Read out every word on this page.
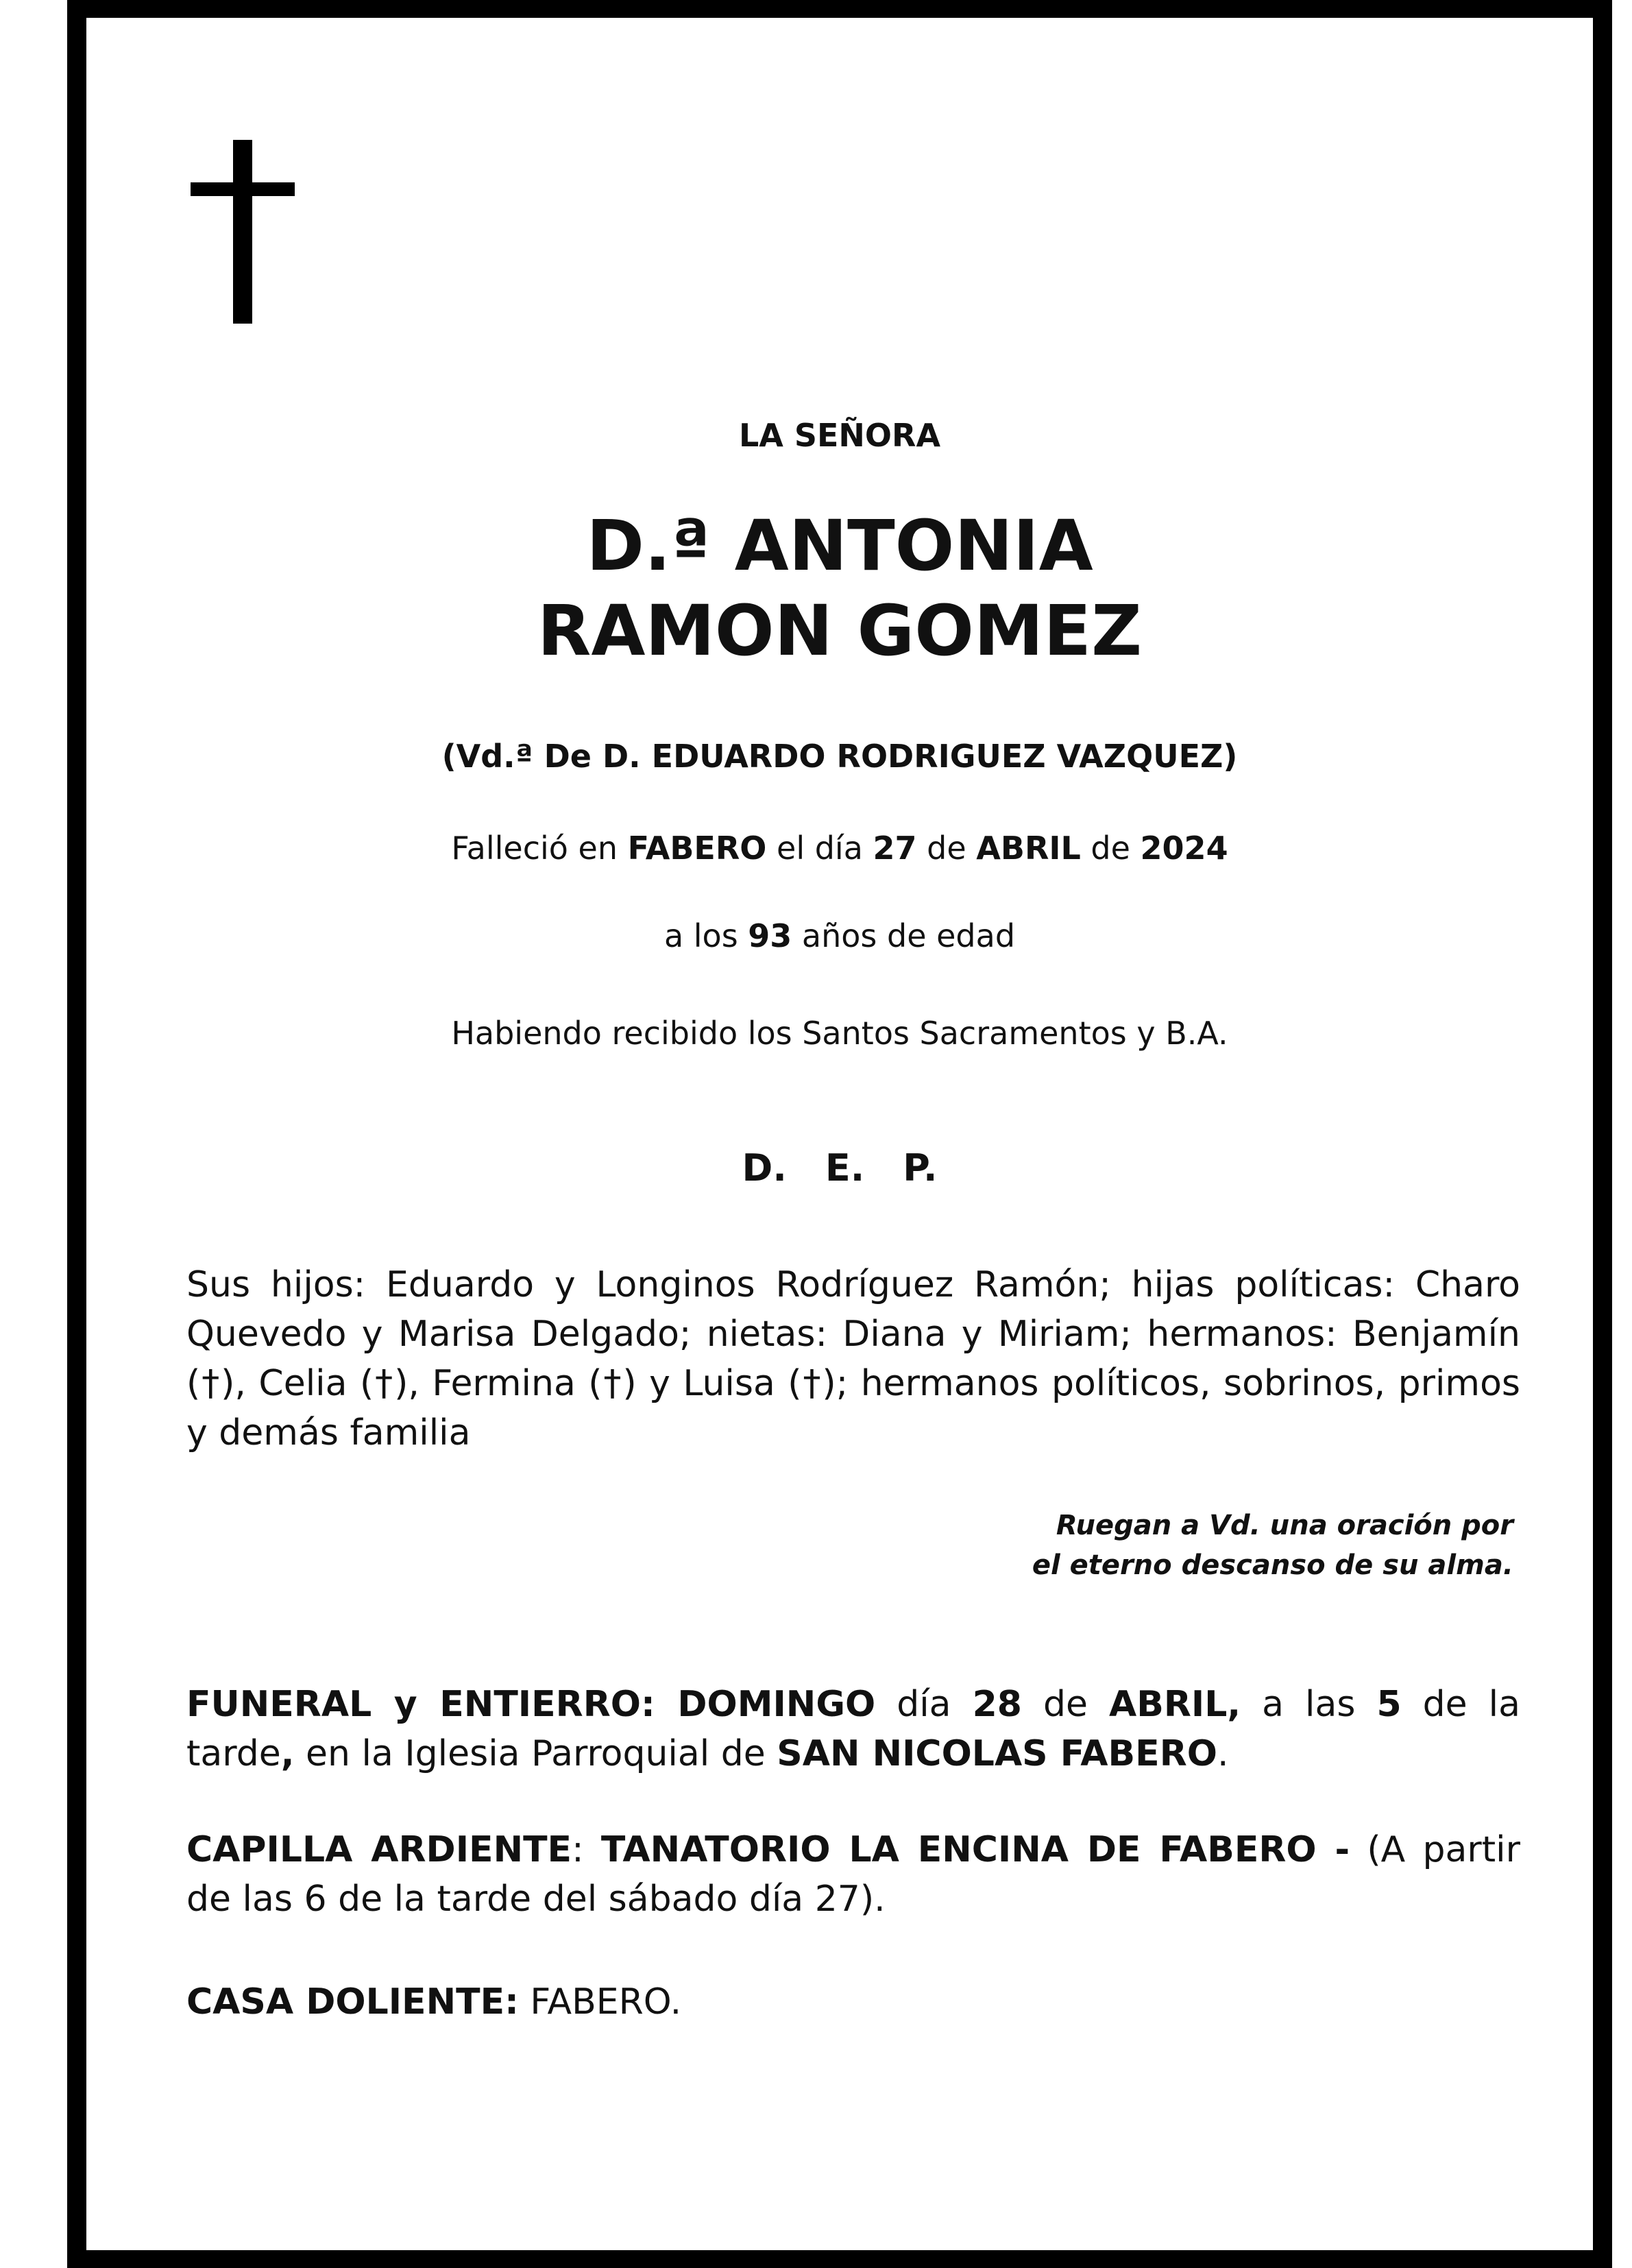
LA SEÑORA
D.ª ANTONIA
RAMON GOMEZ
(Vd.ª De D. EDUARDO RODRIGUEZ VAZQUEZ)
Falleció en FABERO el día 27 de ABRIL de 2024
a los 93 años de edad
Habiendo recibido los Santos Sacramentos y B.A.
D. E. P.
Sus hijos: Eduardo y Longinos Rodríguez Ramón; hijas políticas: Charo Quevedo y Marisa Delgado; nietas: Diana y Miriam; hermanos: Benjamín (†), Celia (†), Fermina (†) y Luisa (†); hermanos políticos, sobrinos, primos y demás familia
Ruegan a Vd. una oración por
el eterno descanso de su alma.
FUNERAL y ENTIERRO: DOMINGO día 28 de ABRIL, a las 5 de la tarde, en la Iglesia Parroquial de SAN NICOLAS FABERO.
CAPILLA ARDIENTE: TANATORIO LA ENCINA DE FABERO - (A partir de las 6 de la tarde del sábado día 27).
CASA DOLIENTE: FABERO.
